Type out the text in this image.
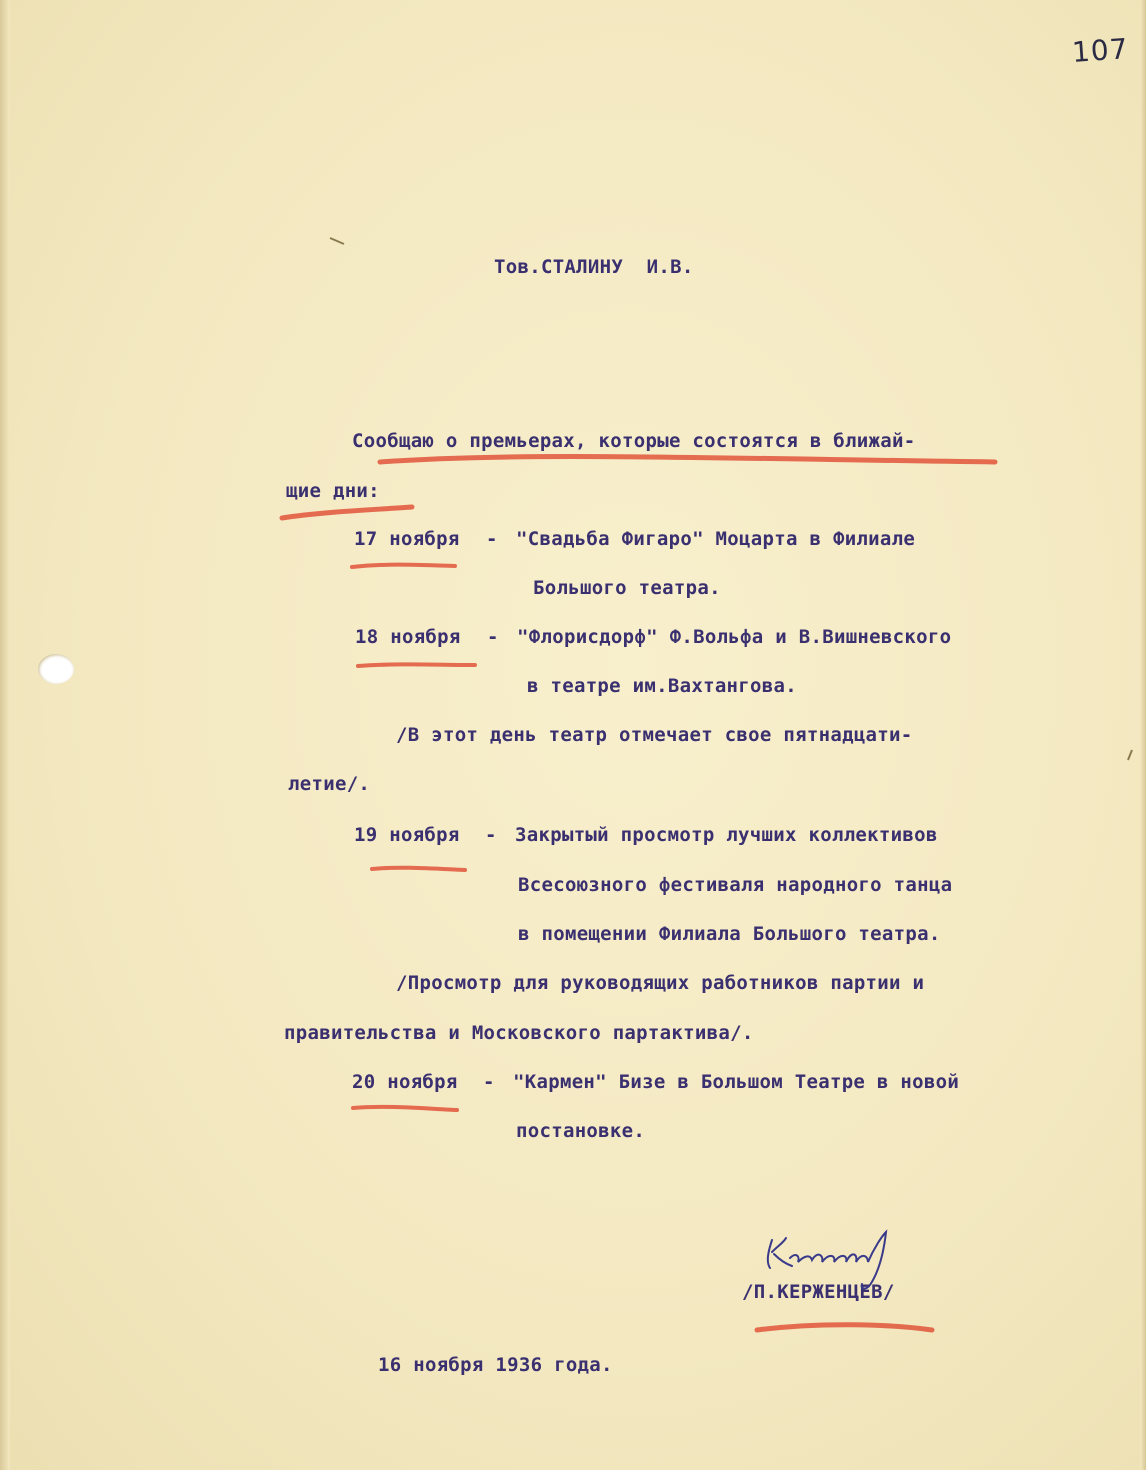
107

Тов.СТАЛИНУ  И.В.

Сообщаю о премьерах, которые состоятся в ближай-

щие дни:

17 ноября - "Свадьба Фигаро" Моцарта в Филиале

Большого театра.

18 ноября - "Флорисдорф" Ф.Вольфа и В.Вишневского

в театре им.Вахтангова.

/В этот день театр отмечает свое пятнадцати-

летие/.

19 ноября - Закрытый просмотр лучших коллективов

Всесоюзного фестиваля народного танца

в помещении Филиала Большого театра.

/Просмотр для руководящих работников партии и

правительства и Московского партактива/.

20 ноября - "Кармен" Бизе в Большом Театре в новой

постановке.

/П.КЕРЖЕНЦЕВ/

16 ноября 1936 года.
